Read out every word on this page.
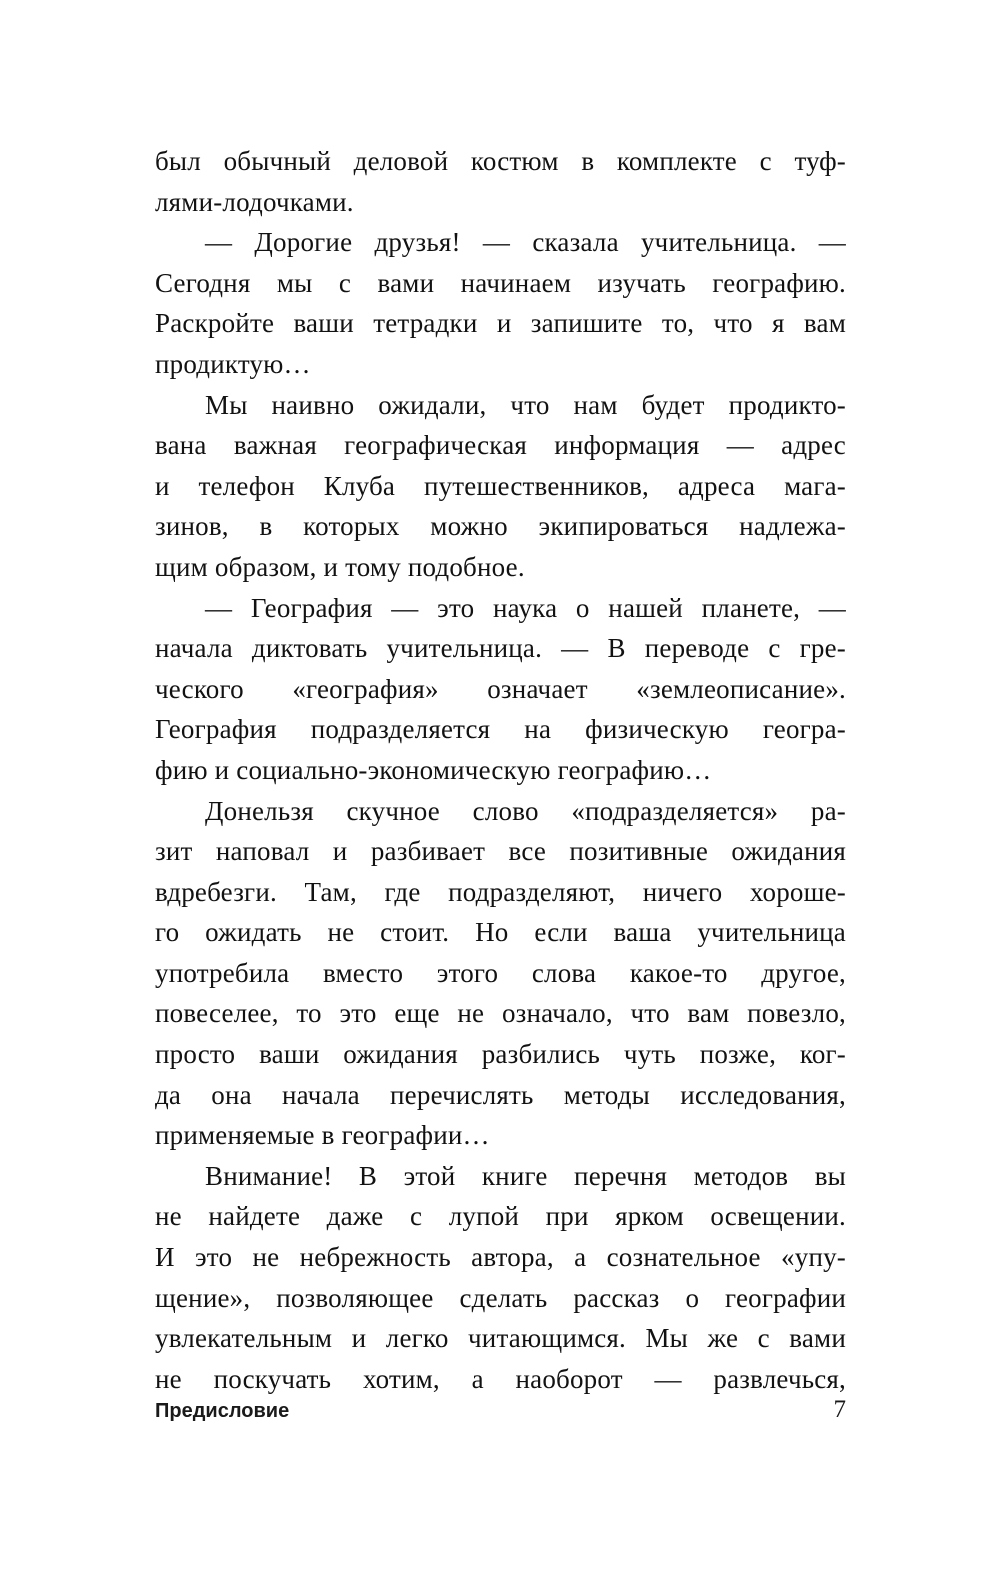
был обычный деловой костюм в комплекте с туф-
лями-лодочками.
— Дорогие друзья! — сказала учительница. —
Сегодня мы с вами начинаем изучать географию.
Раскройте ваши тетрадки и запишите то, что я вам
продиктую…
Мы наивно ожидали, что нам будет продикто-
вана важная географическая информация — адрес
и телефон Клуба путешественников, адреса мага-
зинов, в которых можно экипироваться надлежа-
щим образом, и тому подобное.
— География — это наука о нашей планете, —
начала диктовать учительница. — В переводе с гре-
ческого «география» означает «землеописание».
География подразделяется на физическую геогра-
фию и социально-экономическую географию…
Донельзя скучное слово «подразделяется» ра-
зит наповал и разбивает все позитивные ожидания
вдребезги. Там, где подразделяют, ничего хороше-
го ожидать не стоит. Но если ваша учительница
употребила вместо этого слова какое-то другое,
повеселее, то это еще не означало, что вам повезло,
просто ваши ожидания разбились чуть позже, ког-
да она начала перечислять методы исследования,
применяемые в географии…
Внимание! В этой книге перечня методов вы
не найдете даже с лупой при ярком освещении.
И это не небрежность автора, а сознательное «упу-
щение», позволяющее сделать рассказ о географии
увлекательным и легко читающимся. Мы же с вами
не поскучать хотим, а наоборот — развлечься,
Предисловие	7
